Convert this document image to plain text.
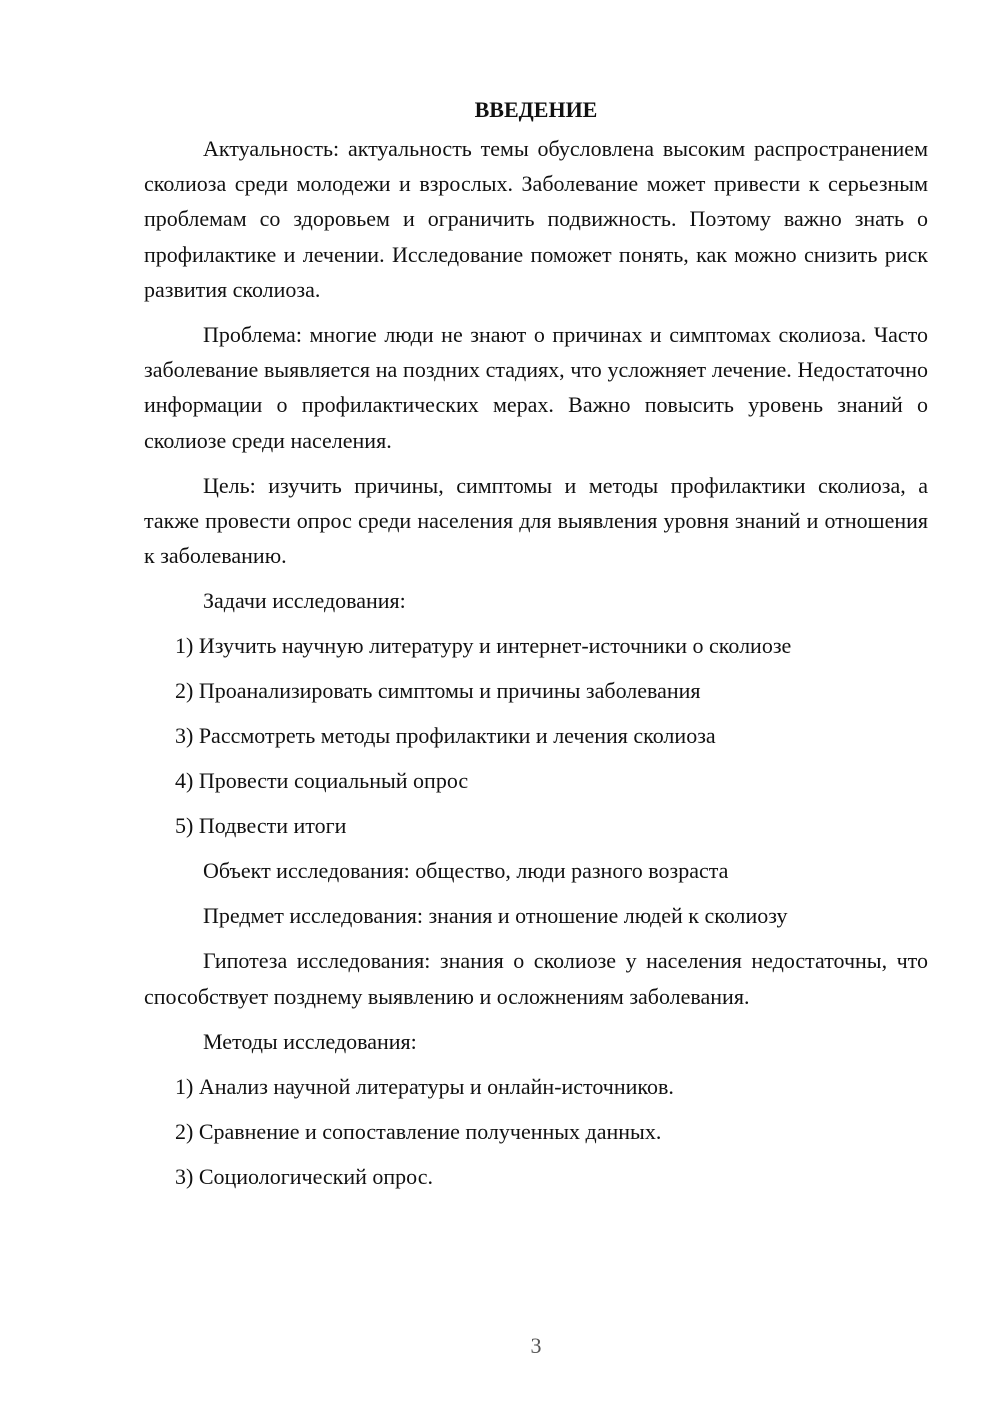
ВВЕДЕНИЕ

Актуальность: актуальность темы обусловлена высоким распространением сколиоза среди молодежи и взрослых. Заболевание может привести к серьезным проблемам со здоровьем и ограничить подвижность. Поэтому важно знать о профилактике и лечении. Исследование поможет понять, как можно снизить риск развития сколиоза.

Проблема: многие люди не знают о причинах и симптомах сколиоза. Часто заболевание выявляется на поздних стадиях, что усложняет лечение. Недостаточно информации о профилактических мерах. Важно повысить уровень знаний о сколиозе среди населения.

Цель: изучить причины, симптомы и методы профилактики сколиоза, а также провести опрос среди населения для выявления уровня знаний и отношения к заболеванию.

Задачи исследования:

1) Изучить научную литературу и интернет-источники о сколиозе

2) Проанализировать симптомы и причины заболевания

3) Рассмотреть методы профилактики и лечения сколиоза

4) Провести социальный опрос

5) Подвести итоги

Объект исследования: общество, люди разного возраста

Предмет исследования: знания и отношение людей к сколиозу

Гипотеза исследования: знания о сколиозе у населения недостаточны, что способствует позднему выявлению и осложнениям заболевания.

Методы исследования:

1) Анализ научной литературы и онлайн-источников.

2) Сравнение и сопоставление полученных данных.

3) Социологический опрос.

3
